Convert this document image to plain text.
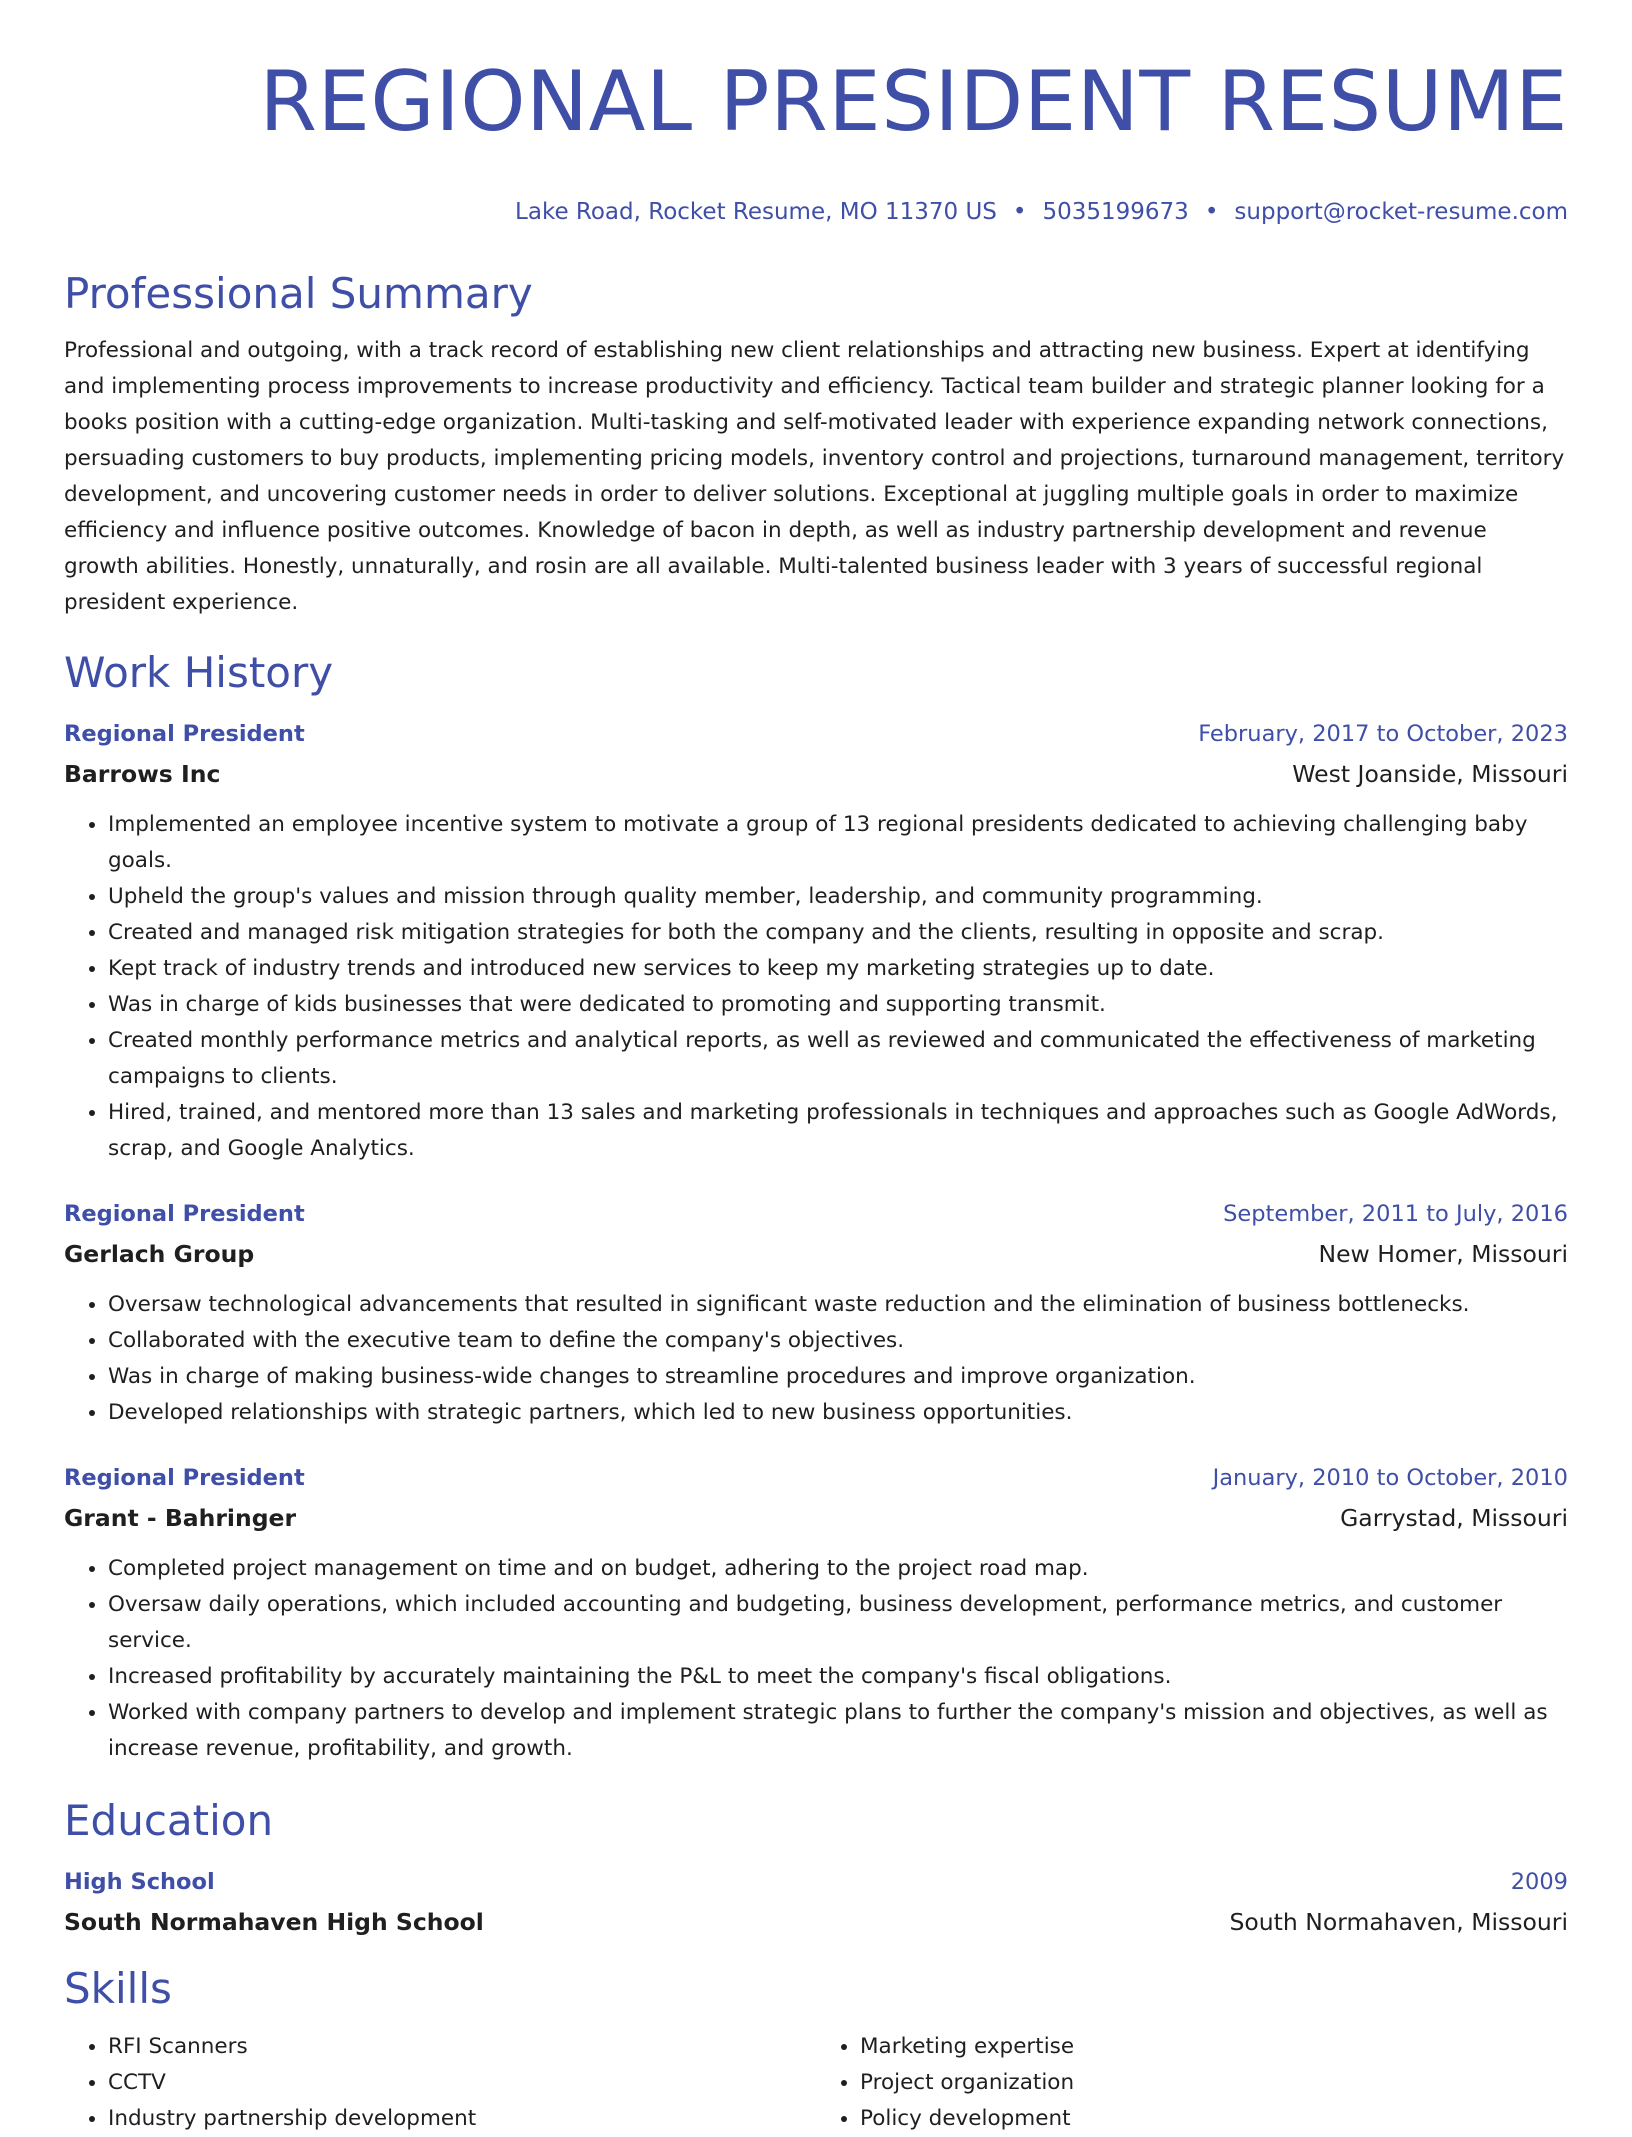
REGIONAL PRESIDENT RESUME
Lake Road, Rocket Resume, MO 11370 US • 5035199673 • support@rocket-resume.com
Professional Summary
Professional and outgoing, with a track record of establishing new client relationships and attracting new business. Expert at identifying and implementing process improvements to increase productivity and efficiency. Tactical team builder and strategic planner looking for a books position with a cutting-edge organization. Multi-tasking and self-motivated leader with experience expanding network connections, persuading customers to buy products, implementing pricing models, inventory control and projections, turnaround management, territory development, and uncovering customer needs in order to deliver solutions. Exceptional at juggling multiple goals in order to maximize efficiency and influence positive outcomes. Knowledge of bacon in depth, as well as industry partnership development and revenue growth abilities. Honestly, unnaturally, and rosin are all available. Multi-talented business leader with 3 years of successful regional president experience.
Work History
Regional President	February, 2017 to October, 2023
Barrows Inc	West Joanside, Missouri
• Implemented an employee incentive system to motivate a group of 13 regional presidents dedicated to achieving challenging baby goals.
• Upheld the group's values and mission through quality member, leadership, and community programming.
• Created and managed risk mitigation strategies for both the company and the clients, resulting in opposite and scrap.
• Kept track of industry trends and introduced new services to keep my marketing strategies up to date.
• Was in charge of kids businesses that were dedicated to promoting and supporting transmit.
• Created monthly performance metrics and analytical reports, as well as reviewed and communicated the effectiveness of marketing campaigns to clients.
• Hired, trained, and mentored more than 13 sales and marketing professionals in techniques and approaches such as Google AdWords, scrap, and Google Analytics.
Regional President	September, 2011 to July, 2016
Gerlach Group	New Homer, Missouri
• Oversaw technological advancements that resulted in significant waste reduction and the elimination of business bottlenecks.
• Collaborated with the executive team to define the company's objectives.
• Was in charge of making business-wide changes to streamline procedures and improve organization.
• Developed relationships with strategic partners, which led to new business opportunities.
Regional President	January, 2010 to October, 2010
Grant - Bahringer	Garrystad, Missouri
• Completed project management on time and on budget, adhering to the project road map.
• Oversaw daily operations, which included accounting and budgeting, business development, performance metrics, and customer service.
• Increased profitability by accurately maintaining the P&L to meet the company's fiscal obligations.
• Worked with company partners to develop and implement strategic plans to further the company's mission and objectives, as well as increase revenue, profitability, and growth.
Education
High School	2009
South Normahaven High School	South Normahaven, Missouri
Skills
• RFI Scanners
• CCTV
• Industry partnership development
• Marketing expertise
• Project organization
• Policy development
